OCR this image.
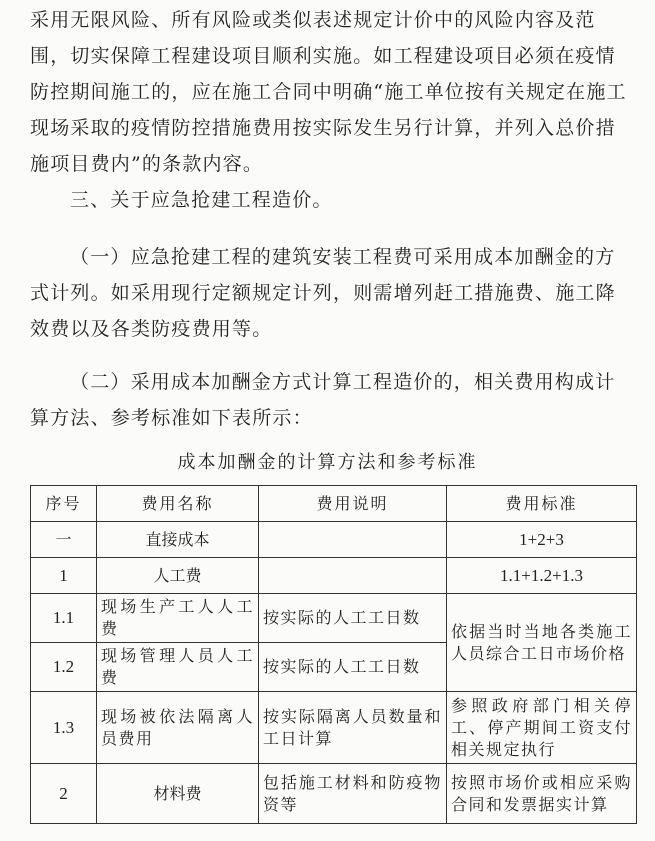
采用无限风险、所有风险或类似表述规定计价中的风险内容及范围，切实保障工程建设项目顺利实施。如工程建设项目必须在疫情防控期间施工的，应在施工合同中明确“施工单位按有关规定在施工现场采取的疫情防控措施费用按实际发生另行计算，并列入总价措施项目费内”的条款内容。
三、关于应急抢建工程造价。
（一）应急抢建工程的建筑安装工程费可采用成本加酬金的方式计列。如采用现行定额规定计列，则需增列赶工措施费、施工降效费以及各类防疫费用等。
（二）采用成本加酬金方式计算工程造价的，相关费用构成计算方法、参考标准如下表所示：
成本加酬金的计算方法和参考标准
序号	费用名称	费用说明	费用标准
一	直接成本		1+2+3
1	人工费		1.1+1.2+1.3
1.1	现场生产工人人工费	按实际的人工工日数	依据当时当地各类施工人员综合工日市场价格
1.2	现场管理人员人工费	按实际的人工工日数	
1.3	现场被依法隔离人员费用	按实际隔离人员数量和工日计算	参照政府部门相关停工、停产期间工资支付相关规定执行
2	材料费	包括施工材料和防疫物资等	按照市场价或相应采购合同和发票据实计算
